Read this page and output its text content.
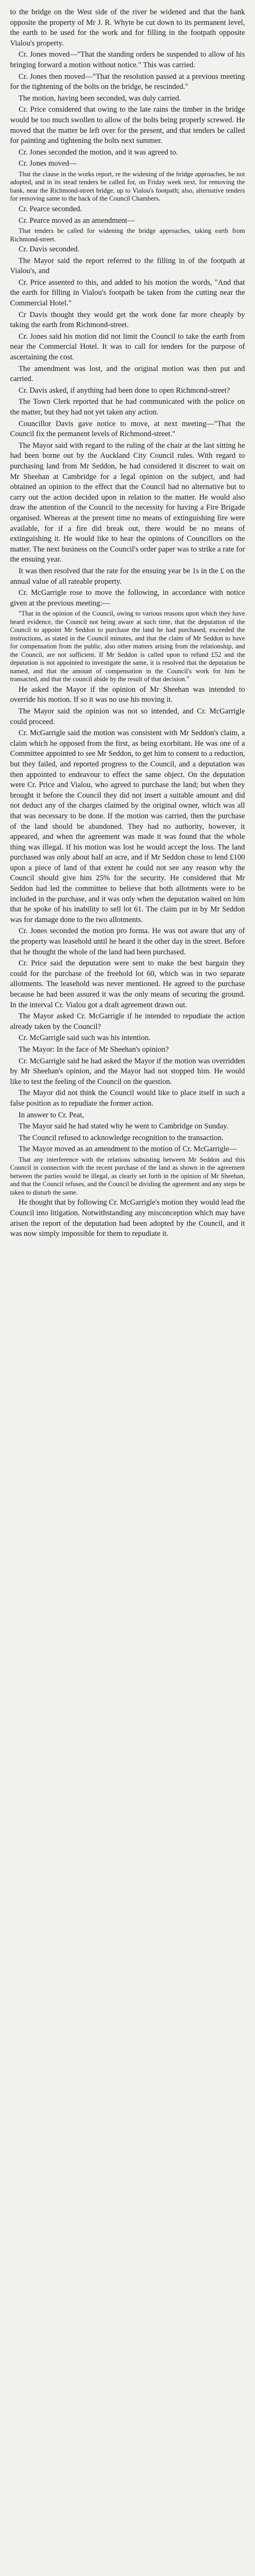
to the bridge on the West side of the river be widened and that the bank opposite the property of Mr J. R. Whyte be cut down to its permanent level, the earth to be used for the work and for filling in the footpath opposite Vialou's property.

Cr. Jones moved—"That the standing orders be suspended to allow of his bringing forward a motion without notice." This was carried.

Cr. Jones then moved—"That the resolution passed at a previous meeting for the tightening of the bolts on the bridge, be rescinded."

The motion, having been seconded, was duly carried.

Cr. Price considered that owing to the late rains the timber in the bridge would be too much swollen to allow of the bolts being properly screwed. He moved that the matter be left over for the present, and that tenders be called for painting and tightening the bolts next summer.

Cr. Jones seconded the motion, and it was agreed to.

Cr. Jones moved—

That the clause in the works report, re the widening of the bridge approaches, be not adopted, and in its stead tenders be called for, on Friday week next, for removing the bank, near the Richmond-street bridge, up to Vialou's footpath; also, alternative tenders for removing same to the back of the Council Chambers.

Cr. Pearce seconded.

Cr. Pearce moved as an amendment—

That tenders be called for widening the bridge approaches, taking earth from Richmond-street.

Cr. Davis seconded.

The Mayor said the report referred to the filling in of the footpath at Vialou's, and

Cr. Price assented to this, and added to his motion the words, "And that the earth for filling in Vialou's footpath be taken from the cutting near the Commercial Hotel."

Cr Davis thought they would get the work done far more cheaply by taking the earth from Richmond-street.

Cr. Jones said his motion did not limit the Council to take the earth from near the Commercial Hotel. It was to call for tenders for the purpose of ascertaining the cost.

The amendment was lost, and the original motion was then put and carried.

Cr. Davis asked, if anything had been done to open Richmond-street?

The Town Clerk reported that he had communicated with the police on the matter, but they had not yet taken any action.

Councillor Davis gave notice to move, at next meeting—"That the Council fix the permanent levels of Richmond-street."

The Mayor said with regard to the ruling of the chair at the last sitting he had been borne out by the Auckland City Council rules. With regard to purchasing land from Mr Seddon, he had considered it discreet to wait on Mr Sheehan at Cambridge for a legal opinion on the subject, and had obtained an opinion to the effect that the Council had no alternative but to carry out the action decided upon in relation to the matter. He would also draw the attention of the Council to the necessity for having a Fire Brigade organised. Whereas at the present time no means of extinguishing fire were available, for if a fire did break out, there would be no means of extinguishing it. He would like to hear the opinions of Councillors on the matter. The next business on the Council's order paper was to strike a rate for the ensuing year.

It was then resolved that the rate for the ensuing year be 1s in the £ on the annual value of all rateable property.

Cr. McGarrigle rose to move the following, in accordance with notice given at the previous meeting:—

"That in the opinion of the Council, owing to various reasons upon which they have heard evidence, the Council not being aware at such time, that the deputation of the Council to appoint Mr Seddon to purchase the land he had purchased, exceeded the instructions, as stated in the Council minutes, and that the claim of Mr Seddon to have for compensation from the public, also other matters arising from the relationship, and the Council, are not sufficient. If Mr Seddon is called upon to refund £52 and the deputation is not appointed to investigate the same, it is resolved that the deputation be named, and that the amount of compensation in the Council's work for him be transacted, and that the council abide by the result of that decision."

He asked the Mayor if the opinion of Mr Sheehan was intended to override his motion. If so it was no use his moving it.

The Mayor said the opinion was not so intended, and Cr. McGarrigle could proceed.

Cr. McGarrigle said the motion was consistent with Mr Seddon's claim, a claim which he opposed from the first, as being exorbitant. He was one of a Committee appointed to see Mr Seddon, to get him to consent to a reduction, but they failed, and reported progress to the Council, and a deputation was then appointed to endeavour to effect the same object. On the deputation were Cr. Price and Vialou, who agreed to purchase the land; but when they brought it before the Council they did not insert a suitable amount and did not deduct any of the charges claimed by the original owner, which was all that was necessary to be done. If the motion was carried, then the purchase of the land should be abandoned. They had no authority, however, it appeared, and when the agreement was made it was found that the whole thing was illegal. If his motion was lost he would accept the loss. The land purchased was only about half an acre, and if Mr Seddon chose to lend £100 upon a piece of land of that extent he could not see any reason why the Council should give him 25% for the security. He considered that Mr Seddon had led the committee to believe that both allotments were to be included in the purchase, and it was only when the deputation waited on him that he spoke of his inability to sell lot 61. The claim put in by Mr Seddon was for damage done to the two allotments.

Cr. Jones seconded the motion pro forma. He was not aware that any of the property was leasehold until he heard it the other day in the street. Before that he thought the whole of the land had been purchased.

Cr. Price said the deputation were sent to make the best bargain they could for the purchase of the freehold lot 60, which was in two separate allotments. The leasehold was never mentioned. He agreed to the purchase because he had been assured it was the only means of securing the ground. In the interval Cr. Vialou got a draft agreement drawn out.

The Mayor asked Cr. McGarrigle if he intended to repudiate the action already taken by the Council?

Cr. McGarrigle said such was his intention.

The Mayor: In the face of Mr Sheehan's opinion?

Cr. McGarrigle said he had asked the Mayor if the motion was overridden by Mr Sheehan's opinion, and the Mayor had not stopped him. He would like to test the feeling of the Council on the question.

The Mayor did not think the Council would like to place itself in such a false position as to repudiate the former action.

In answer to Cr. Peat,

The Mayor said he had stated why he went to Cambridge on Sunday.

The Council refused to acknowledge recognition to the transaction.

The Mayor moved as an amendment to the motion of Cr. McGarrigle—

That any interference with the relations subsisting between Mr Seddon and this Council in connection with the recent purchase of the land as shown in the agreement between the parties would be illegal, as clearly set forth in the opinion of Mr Sheehan, and that the Council refuses, and the Council be dividing the agreement and any steps be taken to disturb the same.

He thought that by following Cr. McGarrigle's motion they would lead the Council into litigation. Notwithstanding any misconception which may have arisen the report of the deputation had been adopted by the Council, and it was now simply impossible for them to repudiate it.
